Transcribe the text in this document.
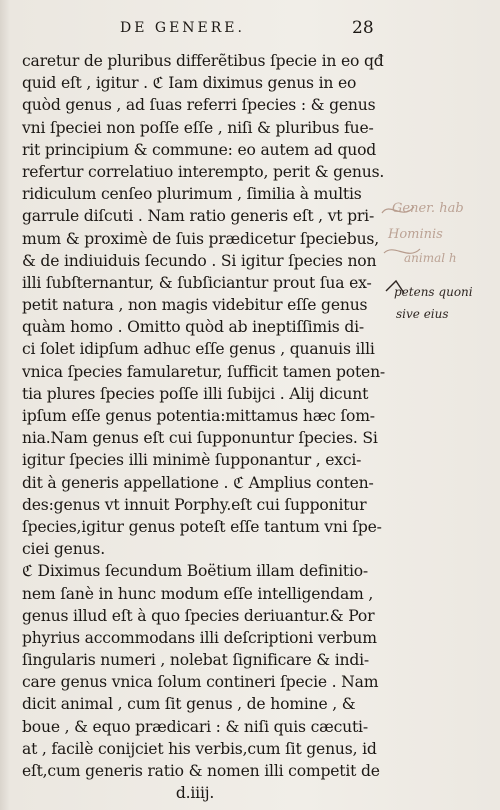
DE GENERE.	28
caretur de pluribus differẽtibus ſpecie in eo qđ
quid eſt , igitur . ℭ Iam diximus genus in eo
quòd genus , ad ſuas referri ſpecies : & genus
vni ſpeciei non poſſe eſſe , niſi & pluribus fue-
rit principium & commune: eo autem ad quod
refertur correlatiuo interempto, perit & genus.
ridiculum cenſeo plurimum , ſimilia à multis
garrule diſcuti . Nam ratio generis eſt , vt pri-
mum & proximè de ſuis prædicetur ſpeciebus,
& de indiuiduis ſecundo . Si igitur ſpecies non
illi ſubſternantur, & ſubſiciantur prout ſua ex-
petit natura , non magis videbitur eſſe genus
quàm homo . Omitto quòd ab ineptiſſimis di-
ci ſolet idipſum adhuc eſſe genus , quanuis illi
vnica ſpecies famularetur, ſufficit tamen poten-
tia plures ſpecies poſſe illi ſubijci . Alij dicunt
ipſum eſſe genus potentia:mittamus hæc ſom-
nia.Nam genus eſt cui ſupponuntur ſpecies. Si
igitur ſpecies illi minimè ſupponantur , exci-
dit à generis appellatione . ℭ Amplius conten-
des:genus vt innuit Porphy.eſt cui ſupponitur
ſpecies,igitur genus poteſt eſſe tantum vni ſpe-
ciei genus.
ℭ Diximus ſecundum Boëtium illam definitio-
nem ſanè in hunc modum eſſe intelligendam ,
genus illud eſt à quo ſpecies deriuantur.& Por
phyrius accommodans illi deſcriptioni verbum
ſingularis numeri , nolebat ſignificare & indi-
care genus vnica ſolum contineri ſpecie . Nam
dicit animal , cum ſit genus , de homine , &
boue , & equo prædicari : & niſi quis cæcuti-
at , facilè conijciet his verbis,cum ſit genus, id
eſt,cum generis ratio & nomen illi competit de
d.iiij.
Gener. hab
Hominis
animal h
petens quoni
sive eius
